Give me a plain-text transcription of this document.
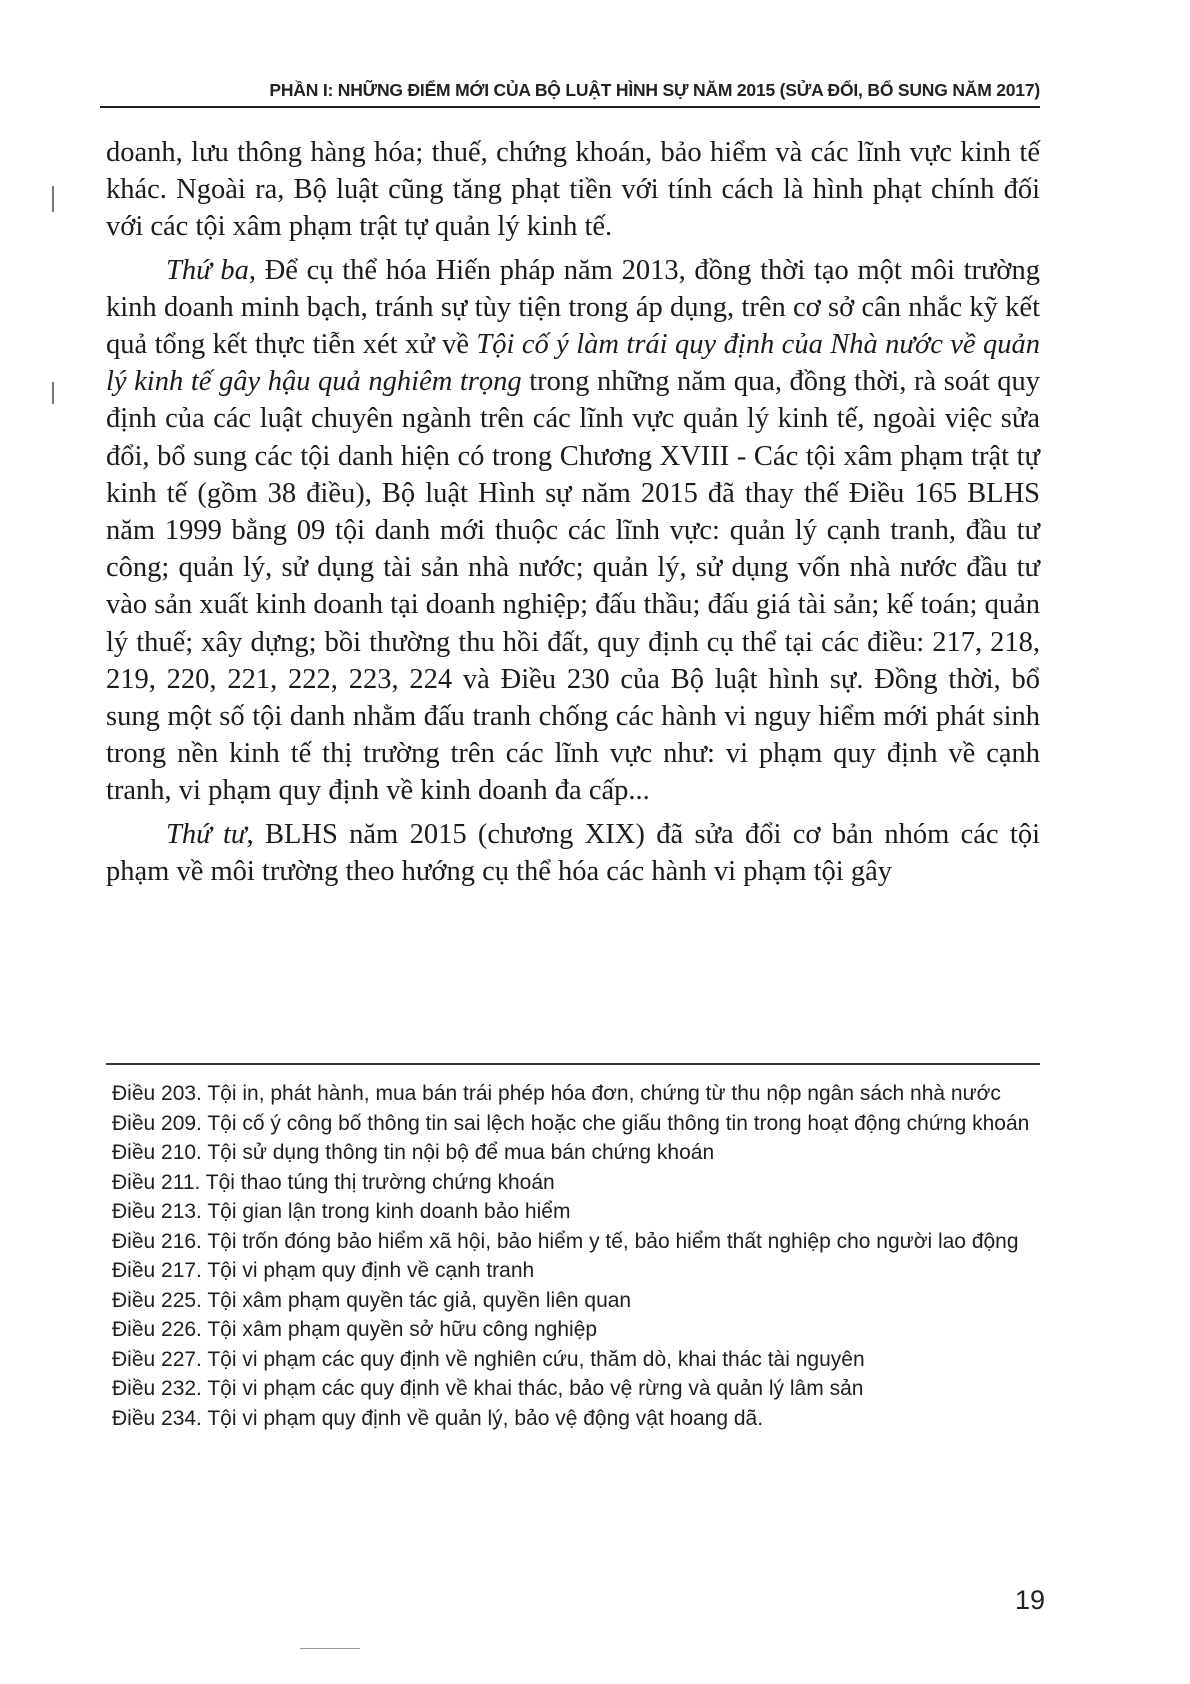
PHẦN I: NHỮNG ĐIỂM MỚI CỦA BỘ LUẬT HÌNH SỰ NĂM 2015 (SỬA ĐỔI, BỔ SUNG NĂM 2017)

doanh, lưu thông hàng hóa; thuế, chứng khoán, bảo hiểm và các lĩnh vực kinh tế khác. Ngoài ra, Bộ luật cũng tăng phạt tiền với tính cách là hình phạt chính đối với các tội xâm phạm trật tự quản lý kinh tế.

Thứ ba, Để cụ thể hóa Hiến pháp năm 2013, đồng thời tạo một môi trường kinh doanh minh bạch, tránh sự tùy tiện trong áp dụng, trên cơ sở cân nhắc kỹ kết quả tổng kết thực tiễn xét xử về Tội cố ý làm trái quy định của Nhà nước về quản lý kinh tế gây hậu quả nghiêm trọng trong những năm qua, đồng thời, rà soát quy định của các luật chuyên ngành trên các lĩnh vực quản lý kinh tế, ngoài việc sửa đổi, bổ sung các tội danh hiện có trong Chương XVIII - Các tội xâm phạm trật tự kinh tế (gồm 38 điều), Bộ luật Hình sự năm 2015 đã thay thế Điều 165 BLHS năm 1999 bằng 09 tội danh mới thuộc các lĩnh vực: quản lý cạnh tranh, đầu tư công; quản lý, sử dụng tài sản nhà nước; quản lý, sử dụng vốn nhà nước đầu tư vào sản xuất kinh doanh tại doanh nghiệp; đấu thầu; đấu giá tài sản; kế toán; quản lý thuế; xây dựng; bồi thường thu hồi đất, quy định cụ thể tại các điều: 217, 218, 219, 220, 221, 222, 223, 224 và Điều 230 của Bộ luật hình sự. Đồng thời, bổ sung một số tội danh nhằm đấu tranh chống các hành vi nguy hiểm mới phát sinh trong nền kinh tế thị trường trên các lĩnh vực như: vi phạm quy định về cạnh tranh, vi phạm quy định về kinh doanh đa cấp...

Thứ tư, BLHS năm 2015 (chương XIX) đã sửa đổi cơ bản nhóm các tội phạm về môi trường theo hướng cụ thể hóa các hành vi phạm tội gây

Điều 203. Tội in, phát hành, mua bán trái phép hóa đơn, chứng từ thu nộp ngân sách nhà nước
Điều 209. Tội cố ý công bố thông tin sai lệch hoặc che giấu thông tin trong hoạt động chứng khoán
Điều 210. Tội sử dụng thông tin nội bộ để mua bán chứng khoán
Điều 211. Tội thao túng thị trường chứng khoán
Điều 213. Tội gian lận trong kinh doanh bảo hiểm
Điều 216. Tội trốn đóng bảo hiểm xã hội, bảo hiểm y tế, bảo hiểm thất nghiệp cho người lao động
Điều 217. Tội vi phạm quy định về cạnh tranh
Điều 225. Tội xâm phạm quyền tác giả, quyền liên quan
Điều 226. Tội xâm phạm quyền sở hữu công nghiệp
Điều 227. Tội vi phạm các quy định về nghiên cứu, thăm dò, khai thác tài nguyên
Điều 232. Tội vi phạm các quy định về khai thác, bảo vệ rừng và quản lý lâm sản
Điều 234. Tội vi phạm quy định về quản lý, bảo vệ động vật hoang dã.
19
